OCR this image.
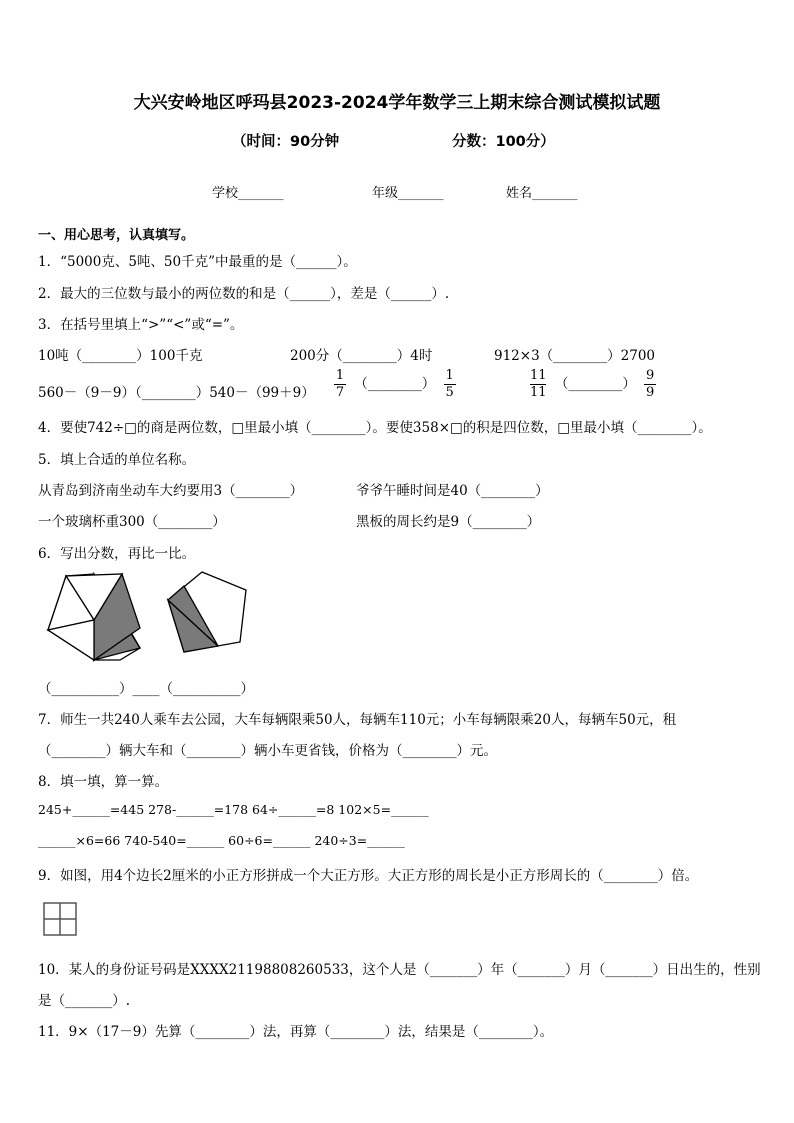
大兴安岭地区呼玛县2023-2024学年数学三上期末综合测试模拟试题
（时间：90分钟	分数：100分）
学校_______	年级_______	姓名_______
一、用心思考，认真填写。
1．“5000克、5吨、50千克”中最重的是（______）。
2．最大的三位数与最小的两位数的和是（______），差是（______）.
3．在括号里填上“>”“<”或“=”。
10吨（________）100千克	200分（________）4时	912×3（________）2700
560－（9－9）（________）540－（99＋9） $\frac{1}{7}$ （________） $\frac{1}{5}$	$\frac{11}{11}$ （________） $\frac{9}{9}$
4．要使742÷□的商是两位数，□里最小填（________）。要使358×□的积是四位数，□里最小填（________）。
5．填上合适的单位名称。
从青岛到济南坐动车大约要用3（________）	爷爷午睡时间是40（________）
一个玻璃杯重300（________）	黑板的周长约是9（________）
6．写出分数，再比一比。
（__________）____（__________）
7．师生一共240人乘车去公园，大车每辆限乘50人，每辆车110元；小车每辆限乘20人，每辆车50元，租
（________）辆大车和（________）辆小车更省钱，价格为（________）元。
8．填一填，算一算。
245+______=445 278-______=178 64÷______=8 102×5=______
______×6=66 740-540=______ 60÷6=______ 240÷3=______
9．如图，用4个边长2厘米的小正方形拼成一个大正方形。大正方形的周长是小正方形周长的（________）倍。
10．某人的身份证号码是XXXX21198808260533，这个人是（_______）年（_______）月（_______）日出生的，性别
是（_______）.
11．9×（17－9）先算（________）法，再算（________）法，结果是（________）。
